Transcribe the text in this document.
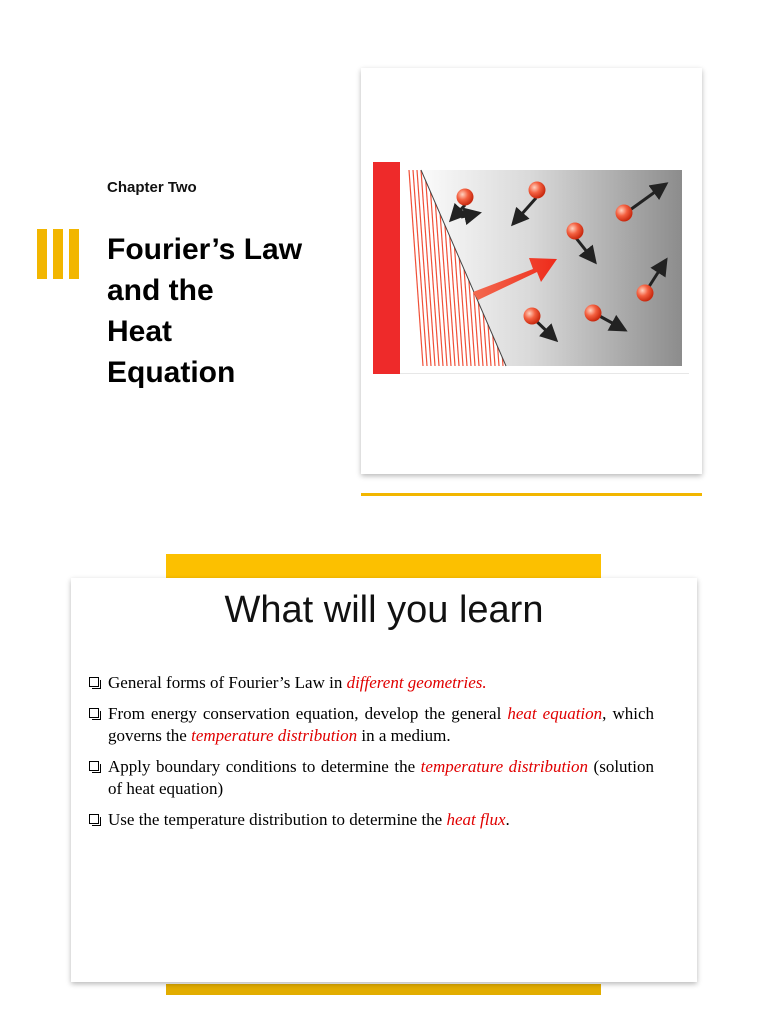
Chapter Two
Fourier’s Law
and the
Heat
Equation
What will you learn
General forms of Fourier’s Law in different geometries.
From energy conservation equation, develop the general heat equation, which governs the temperature distribution in a medium.
Apply boundary conditions to determine the temperature distribution (solution of heat equation)
Use the temperature distribution to determine the heat flux.
